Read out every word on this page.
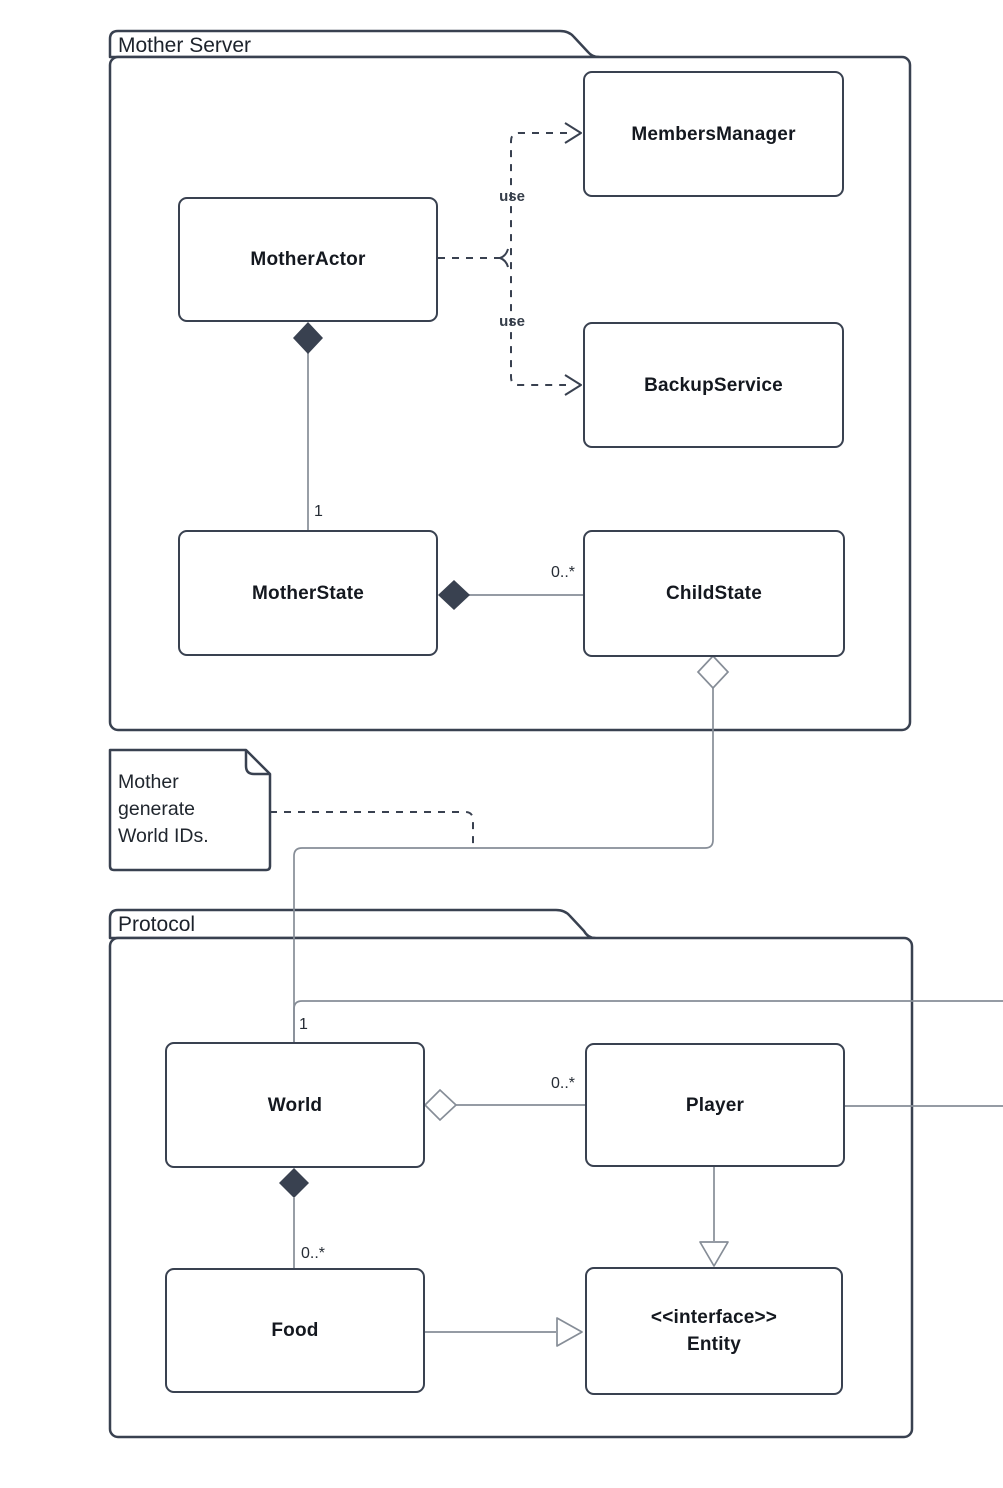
Mother Server
Protocol
MembersManager
MotherActor
BackupService
MotherState	ChildState
World	Player
Food
<<interface>>
Entity
Mother
generate
World IDs.
use
use
1
0..*
1
0..*
0..*
